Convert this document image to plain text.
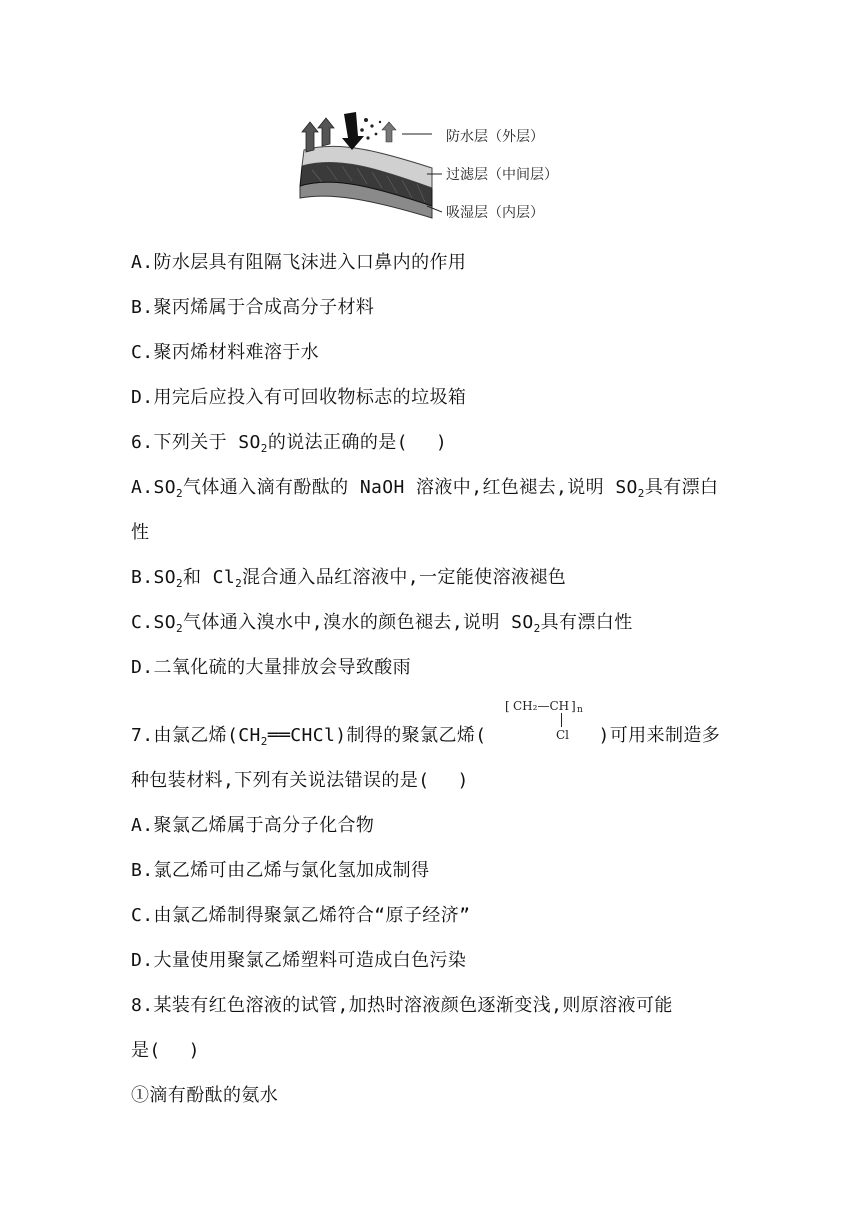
防水层（外层）
过滤层（中间层）
吸湿层（内层）
A.防水层具有阻隔飞沫进入口鼻内的作用
B.聚丙烯属于合成高分子材料
C.聚丙烯材料难溶于水
D.用完后应投入有可回收物标志的垃圾箱
6.下列关于 $SO_2$的说法正确的是( )
$A.SO_2$气体通入滴有酚酞的 NaOH 溶液中,红色褪去,说明 $SO_2$具有漂白
性
$B.SO_2$和 $Cl_2$混合通入品红溶液中,一定能使溶液褪色
$C.SO_2$气体通入溴水中,溴水的颜色褪去,说明 $SO_2$具有漂白性
D.二氧化硫的大量排放会导致酸雨
[ CH₂—CH ] n
Cl
7.由氯乙烯$(CH_2══CHCl)$制得的聚氯乙烯(	)可用来制造多
种包装材料,下列有关说法错误的是( )
A.聚氯乙烯属于高分子化合物
B.氯乙烯可由乙烯与氯化氢加成制得
C.由氯乙烯制得聚氯乙烯符合“原子经济”
D.大量使用聚氯乙烯塑料可造成白色污染
8.某装有红色溶液的试管,加热时溶液颜色逐渐变浅,则原溶液可能
是( )
①滴有酚酞的氨水
